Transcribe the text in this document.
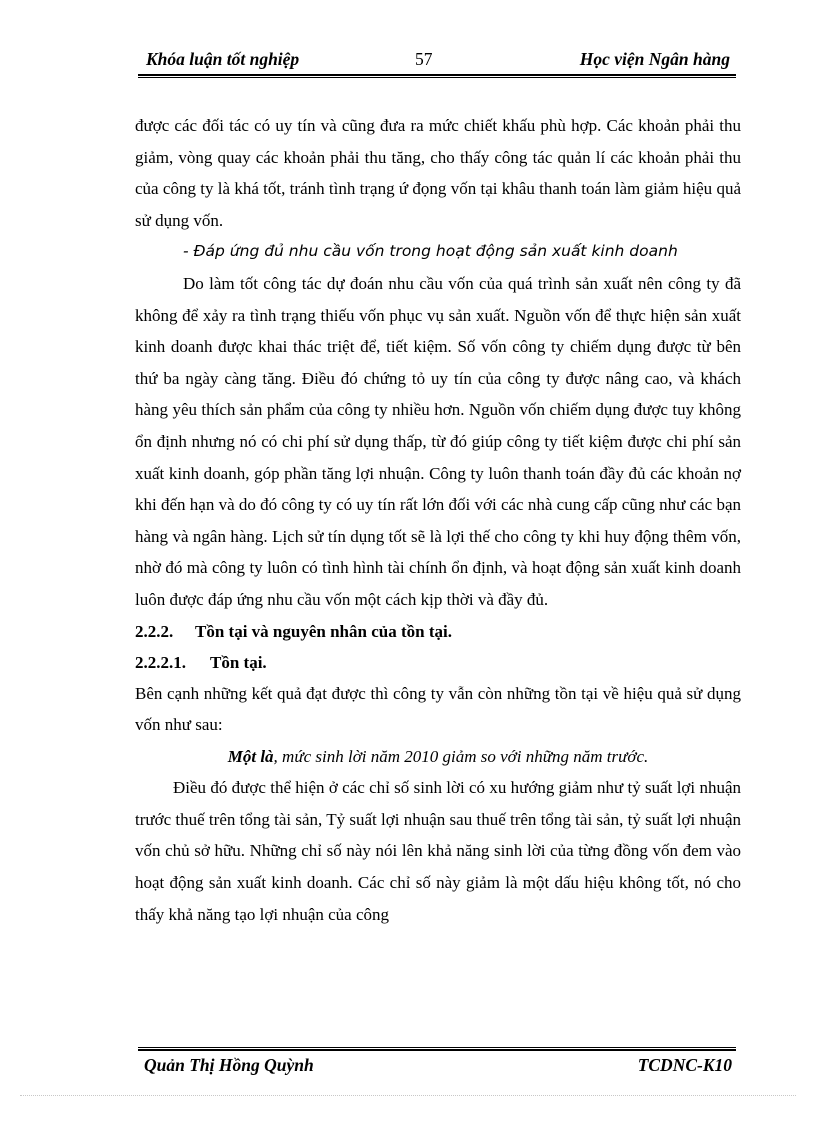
Khóa luận tốt nghiệp	57	Học viện Ngân hàng

được các đối tác có uy tín và cũng đưa ra mức chiết khấu phù hợp. Các khoản phải thu giảm, vòng quay các khoản phải thu tăng, cho thấy công tác quản lí các khoản phải thu của công ty là khá tốt, tránh tình trạng ứ đọng vốn tại khâu thanh toán làm giảm hiệu quả sử dụng vốn.

- Đáp ứng đủ nhu cầu vốn trong hoạt động sản xuất kinh doanh

Do làm tốt công tác dự đoán nhu cầu vốn của quá trình sản xuất nên công ty đã không để xảy ra tình trạng thiếu vốn phục vụ sản xuất. Nguồn vốn để thực hiện sản xuất kinh doanh được khai thác triệt để, tiết kiệm. Số vốn công ty chiếm dụng được từ bên thứ ba ngày càng tăng. Điều đó chứng tỏ uy tín của công ty được nâng cao, và khách hàng yêu thích sản phẩm của công ty nhiều hơn. Nguồn vốn chiếm dụng được tuy không ổn định nhưng nó có chi phí sử dụng thấp, từ đó giúp công ty tiết kiệm được chi phí sản xuất kinh doanh, góp phần tăng lợi nhuận. Công ty luôn thanh toán đầy đủ các khoản nợ khi đến hạn và do đó công ty có uy tín rất lớn đối với các nhà cung cấp cũng như các bạn hàng và ngân hàng. Lịch sử tín dụng tốt sẽ là lợi thế cho công ty khi huy động thêm vốn, nhờ đó mà công ty luôn có tình hình tài chính ổn định, và hoạt động sản xuất kinh doanh luôn được đáp ứng nhu cầu vốn một cách kịp thời và đầy đủ.

2.2.2. Tồn tại và nguyên nhân của tồn tại.

2.2.2.1. Tồn tại.

Bên cạnh những kết quả đạt được thì công ty vẫn còn những tồn tại về hiệu quả sử dụng vốn như sau:

Một là, mức sinh lời năm 2010 giảm so với những năm trước.

Điều đó được thể hiện ở các chỉ số sinh lời có xu hướng giảm như tỷ suất lợi nhuận trước thuế trên tổng tài sản, Tỷ suất lợi nhuận sau thuế trên tổng tài sản, tỷ suất lợi nhuận vốn chủ sở hữu. Những chỉ số này nói lên khả năng sinh lời của từng đồng vốn đem vào hoạt động sản xuất kinh doanh. Các chỉ số này giảm là một dấu hiệu không tốt, nó cho thấy khả năng tạo lợi nhuận của công

Quản Thị Hồng Quỳnh	TCDNC-K10
